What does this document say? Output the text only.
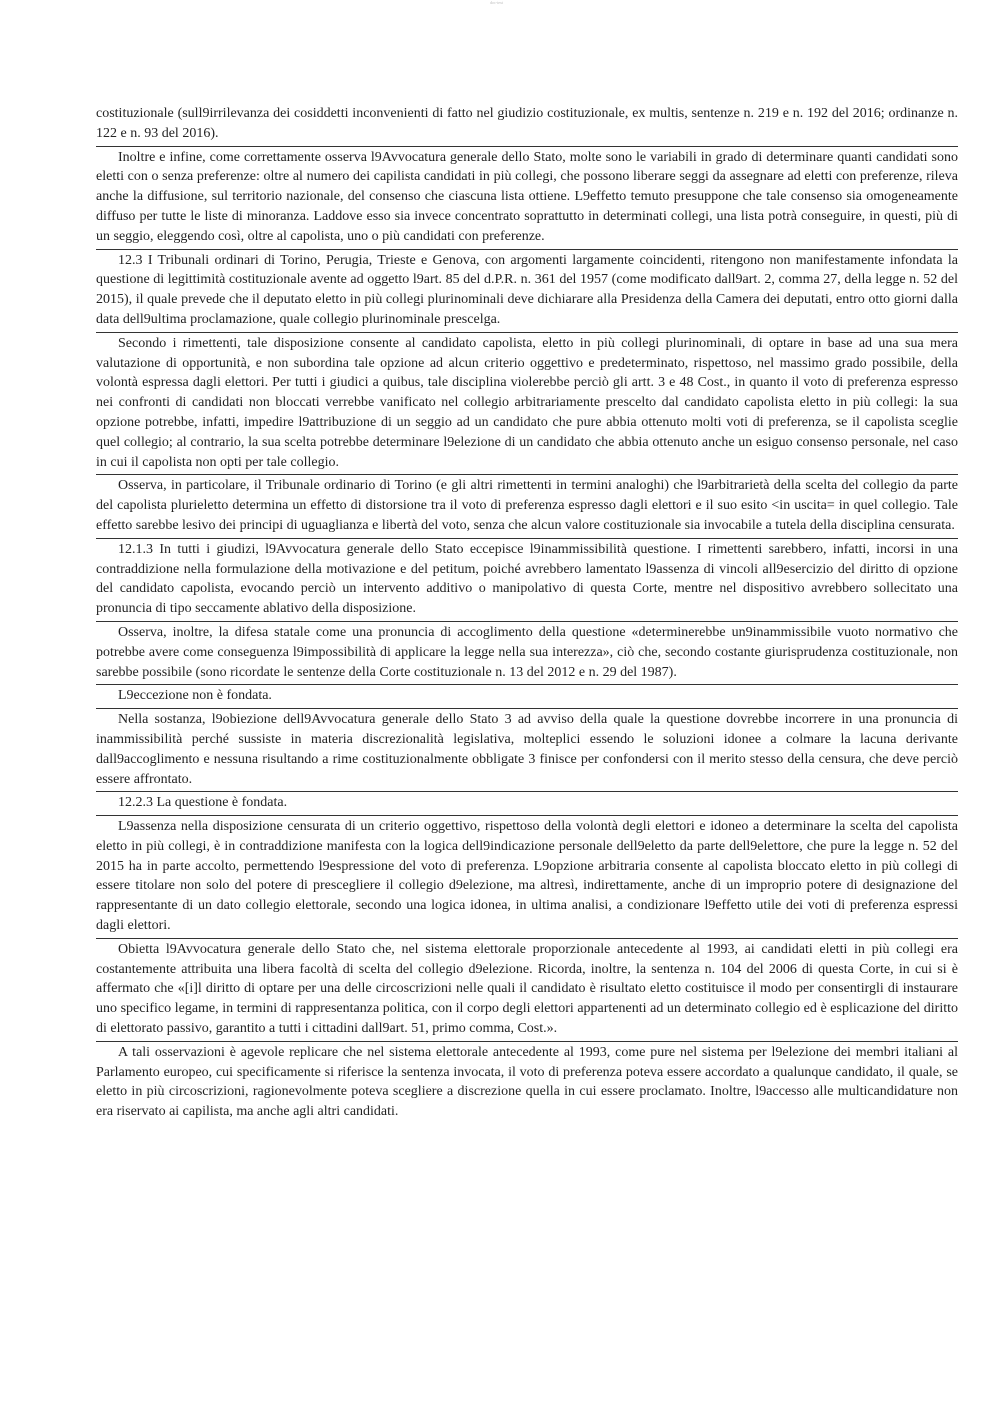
doc-text

costituzionale (sull9irrilevanza dei cosiddetti inconvenienti di fatto nel giudizio costituzionale, ex multis, sentenze n. 219 e n. 192 del 2016; ordinanze n. 122 e n. 93 del 2016).

Inoltre e infine, come correttamente osserva l9Avvocatura generale dello Stato, molte sono le variabili in grado di determinare quanti candidati sono eletti con o senza preferenze: oltre al numero dei capilista candidati in più collegi, che possono liberare seggi da assegnare ad eletti con preferenze, rileva anche la diffusione, sul territorio nazionale, del consenso che ciascuna lista ottiene. L9effetto temuto presuppone che tale consenso sia omogeneamente diffuso per tutte le liste di minoranza. Laddove esso sia invece concentrato soprattutto in determinati collegi, una lista potrà conseguire, in questi, più di un seggio, eleggendo così, oltre al capolista, uno o più candidati con preferenze.

12.3 I Tribunali ordinari di Torino, Perugia, Trieste e Genova, con argomenti largamente coincidenti, ritengono non manifestamente infondata la questione di legittimità costituzionale avente ad oggetto l9art. 85 del d.P.R. n. 361 del 1957 (come modificato dall9art. 2, comma 27, della legge n. 52 del 2015), il quale prevede che il deputato eletto in più collegi plurinominali deve dichiarare alla Presidenza della Camera dei deputati, entro otto giorni dalla data dell9ultima proclamazione, quale collegio plurinominale prescelga.

Secondo i rimettenti, tale disposizione consente al candidato capolista, eletto in più collegi plurinominali, di optare in base ad una sua mera valutazione di opportunità, e non subordina tale opzione ad alcun criterio oggettivo e predeterminato, rispettoso, nel massimo grado possibile, della volontà espressa dagli elettori. Per tutti i giudici a quibus, tale disciplina violerebbe perciò gli artt. 3 e 48 Cost., in quanto il voto di preferenza espresso nei confronti di candidati non bloccati verrebbe vanificato nel collegio arbitrariamente prescelto dal candidato capolista eletto in più collegi: la sua opzione potrebbe, infatti, impedire l9attribuzione di un seggio ad un candidato che pure abbia ottenuto molti voti di preferenza, se il capolista sceglie quel collegio; al contrario, la sua scelta potrebbe determinare l9elezione di un candidato che abbia ottenuto anche un esiguo consenso personale, nel caso in cui il capolista non opti per tale collegio.

Osserva, in particolare, il Tribunale ordinario di Torino (e gli altri rimettenti in termini analoghi) che l9arbitrarietà della scelta del collegio da parte del capolista plurieletto determina un effetto di distorsione tra il voto di preferenza espresso dagli elettori e il suo esito <in uscita= in quel collegio. Tale effetto sarebbe lesivo dei principi di uguaglianza e libertà del voto, senza che alcun valore costituzionale sia invocabile a tutela della disciplina censurata.

12.1.3 In tutti i giudizi, l9Avvocatura generale dello Stato eccepisce l9inammissibilità questione. I rimettenti sarebbero, infatti, incorsi in una contraddizione nella formulazione della motivazione e del petitum, poiché avrebbero lamentato l9assenza di vincoli all9esercizio del diritto di opzione del candidato capolista, evocando perciò un intervento additivo o manipolativo di questa Corte, mentre nel dispositivo avrebbero sollecitato una pronuncia di tipo seccamente ablativo della disposizione.

Osserva, inoltre, la difesa statale come una pronuncia di accoglimento della questione «determinerebbe un9inammissibile vuoto normativo che potrebbe avere come conseguenza l9impossibilità di applicare la legge nella sua interezza», ciò che, secondo costante giurisprudenza costituzionale, non sarebbe possibile (sono ricordate le sentenze della Corte costituzionale n. 13 del 2012 e n. 29 del 1987).

L9eccezione non è fondata.

Nella sostanza, l9obiezione dell9Avvocatura generale dello Stato 3 ad avviso della quale la questione dovrebbe incorrere in una pronuncia di inammissibilità perché sussiste in materia discrezionalità legislativa, molteplici essendo le soluzioni idonee a colmare la lacuna derivante dall9accoglimento e nessuna risultando a rime costituzionalmente obbligate 3 finisce per confondersi con il merito stesso della censura, che deve perciò essere affrontato.

12.2.3 La questione è fondata.

L9assenza nella disposizione censurata di un criterio oggettivo, rispettoso della volontà degli elettori e idoneo a determinare la scelta del capolista eletto in più collegi, è in contraddizione manifesta con la logica dell9indicazione personale dell9eletto da parte dell9elettore, che pure la legge n. 52 del 2015 ha in parte accolto, permettendo l9espressione del voto di preferenza. L9opzione arbitraria consente al capolista bloccato eletto in più collegi di essere titolare non solo del potere di prescegliere il collegio d9elezione, ma altresì, indirettamente, anche di un improprio potere di designazione del rappresentante di un dato collegio elettorale, secondo una logica idonea, in ultima analisi, a condizionare l9effetto utile dei voti di preferenza espressi dagli elettori.

Obietta l9Avvocatura generale dello Stato che, nel sistema elettorale proporzionale antecedente al 1993, ai candidati eletti in più collegi era costantemente attribuita una libera facoltà di scelta del collegio d9elezione. Ricorda, inoltre, la sentenza n. 104 del 2006 di questa Corte, in cui si è affermato che «[i]l diritto di optare per una delle circoscrizioni nelle quali il candidato è risultato eletto costituisce il modo per consentirgli di instaurare uno specifico legame, in termini di rappresentanza politica, con il corpo degli elettori appartenenti ad un determinato collegio ed è esplicazione del diritto di elettorato passivo, garantito a tutti i cittadini dall9art. 51, primo comma, Cost.».

A tali osservazioni è agevole replicare che nel sistema elettorale antecedente al 1993, come pure nel sistema per l9elezione dei membri italiani al Parlamento europeo, cui specificamente si riferisce la sentenza invocata, il voto di preferenza poteva essere accordato a qualunque candidato, il quale, se eletto in più circoscrizioni, ragionevolmente poteva scegliere a discrezione quella in cui essere proclamato. Inoltre, l9accesso alle multicandidature non era riservato ai capilista, ma anche agli altri candidati.
